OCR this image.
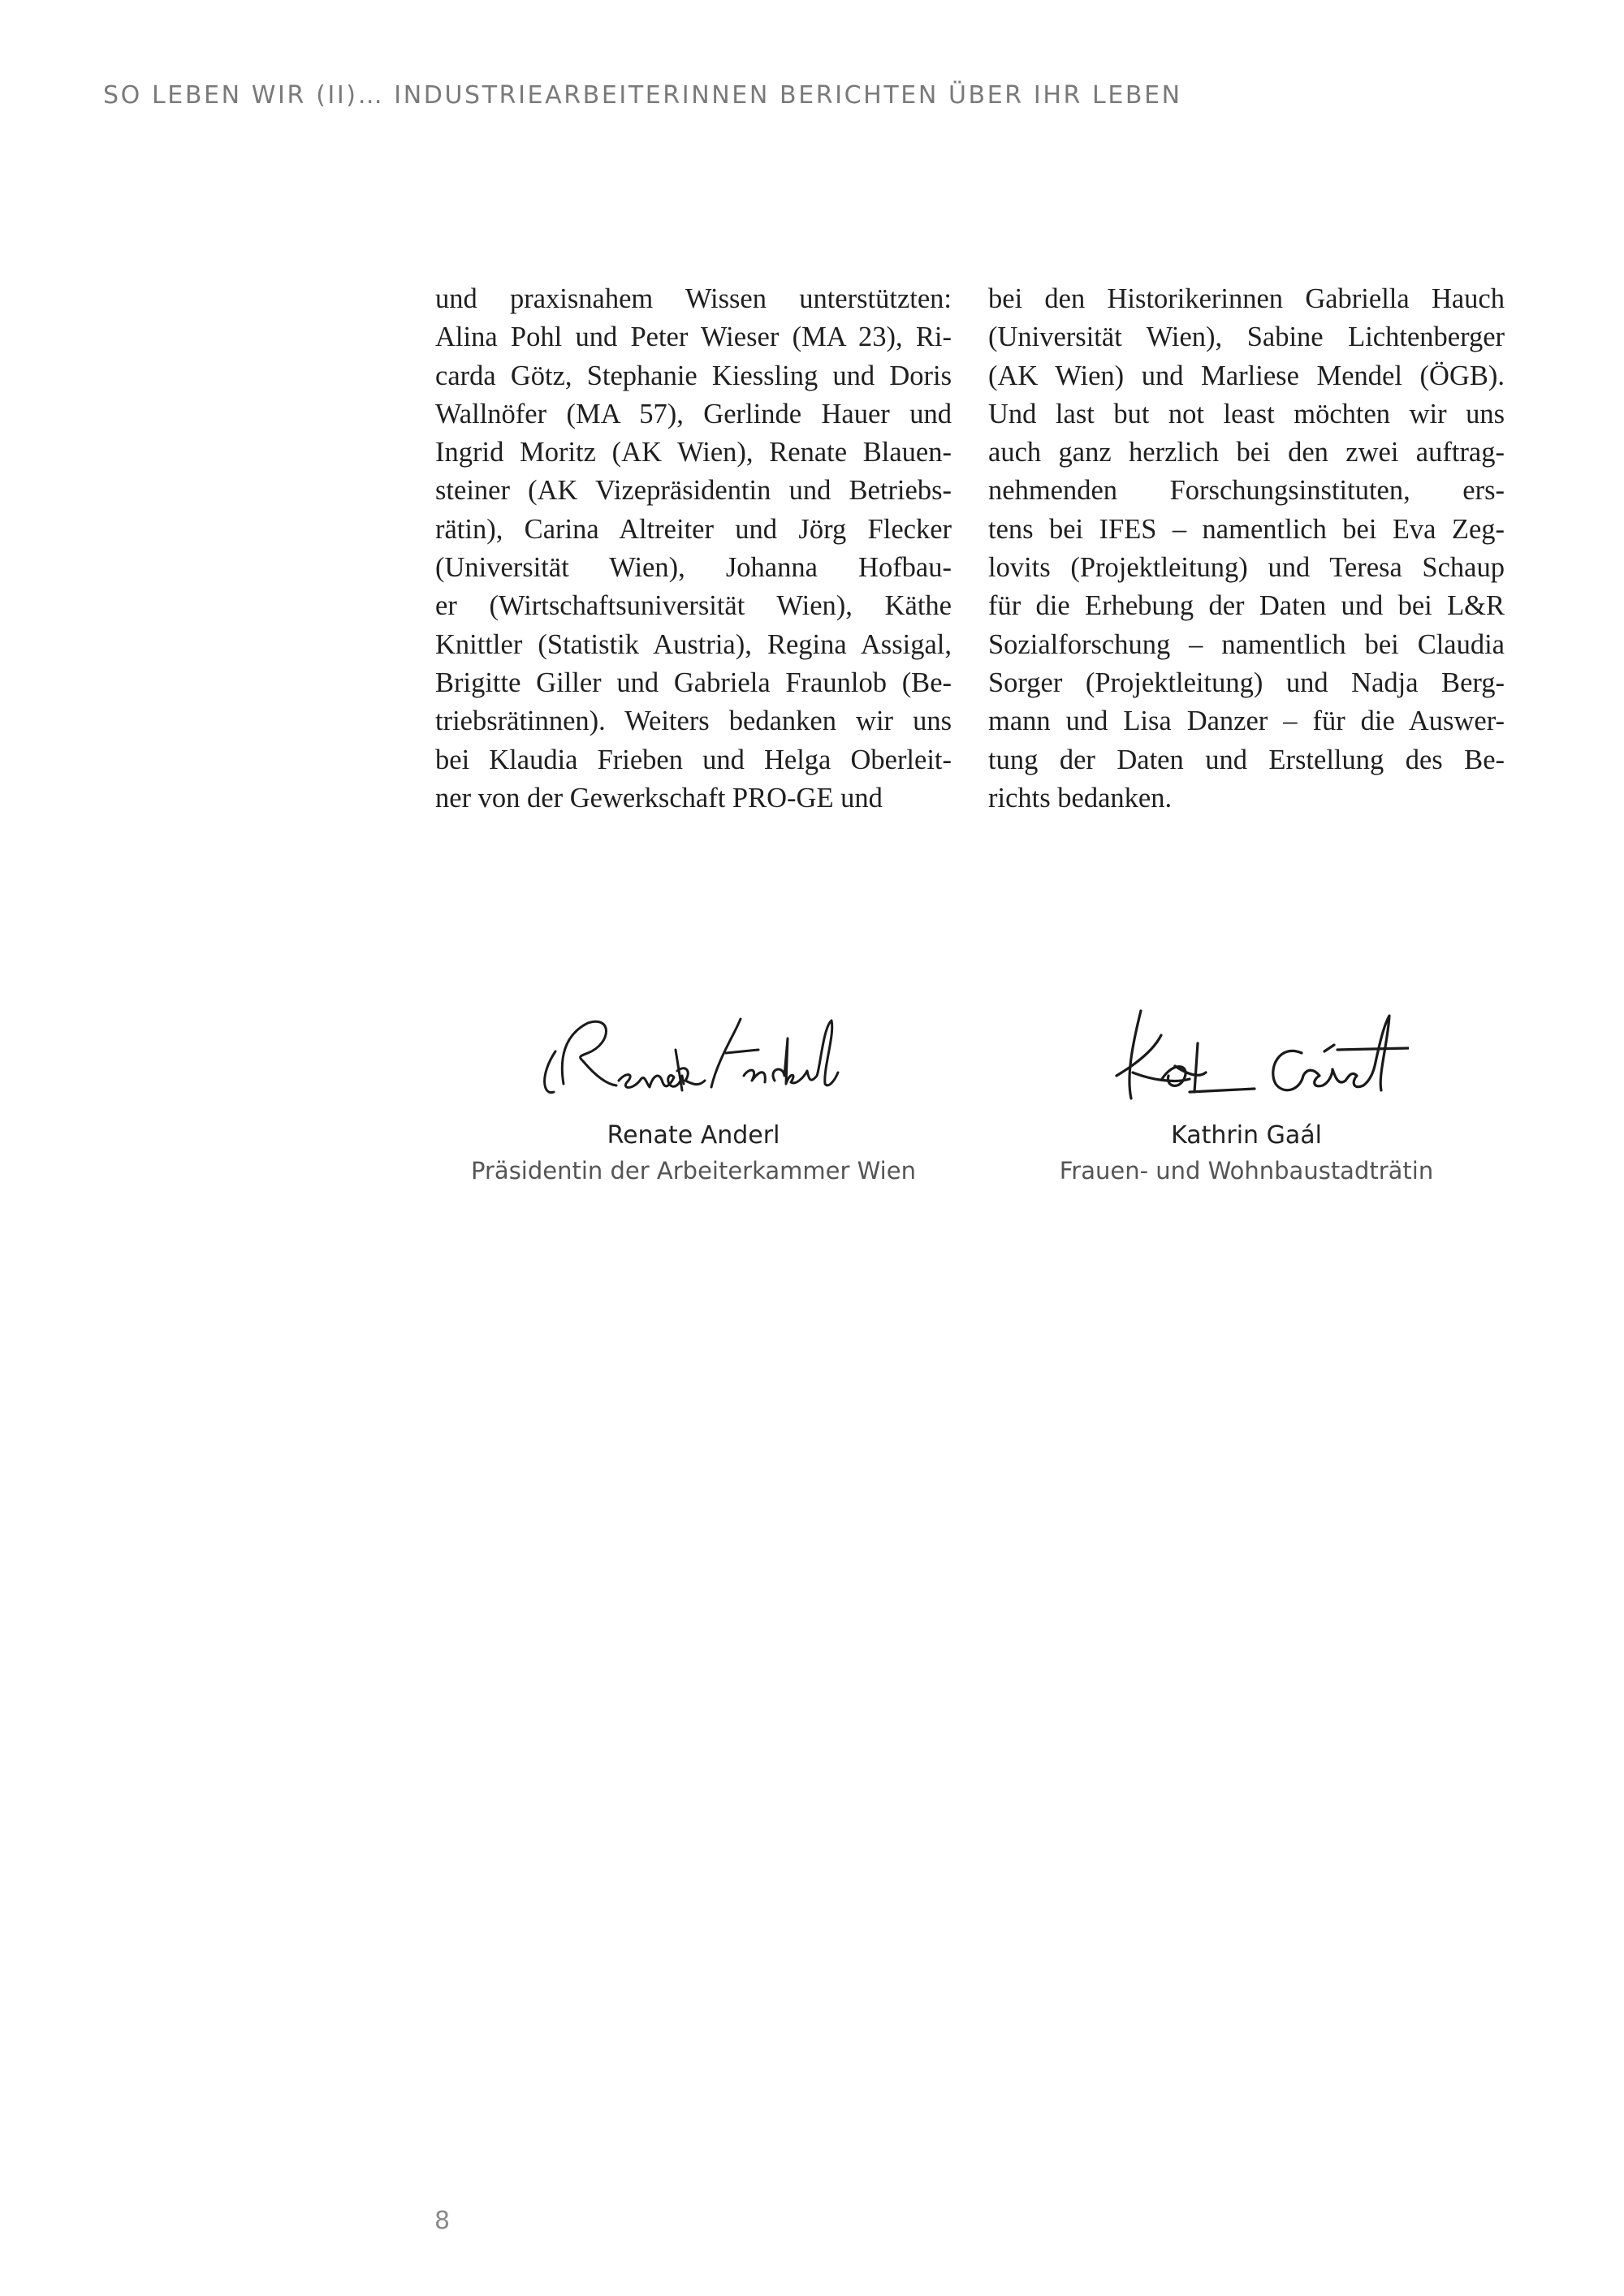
SO LEBEN WIR (II)… INDUSTRIEARBEITERINNEN BERICHTEN ÜBER IHR LEBEN
und praxisnahem Wissen unterstützten:
Alina Pohl und Peter Wieser (MA 23), Ri-
carda Götz, Stephanie Kiessling und Doris
Wallnöfer (MA 57), Gerlinde Hauer und
Ingrid Moritz (AK Wien), Renate Blauen-
steiner (AK Vizepräsidentin und Betriebs-
rätin), Carina Altreiter und Jörg Flecker
(Universität Wien), Johanna Hofbau-
er (Wirtschaftsuniversität Wien), Käthe
Knittler (Statistik Austria), Regina Assigal,
Brigitte Giller und Gabriela Fraunlob (Be-
triebsrätinnen). Weiters bedanken wir uns
bei Klaudia Frieben und Helga Oberleit-
ner von der Gewerkschaft PRO-GE und
bei den Historikerinnen Gabriella Hauch
(Universität Wien), Sabine Lichtenberger
(AK Wien) und Marliese Mendel (ÖGB).
Und last but not least möchten wir uns
auch ganz herzlich bei den zwei auftrag-
nehmenden Forschungsinstituten, ers-
tens bei IFES – namentlich bei Eva Zeg-
lovits (Projektleitung) und Teresa Schaup
für die Erhebung der Daten und bei L&R
Sozialforschung – namentlich bei Claudia
Sorger (Projektleitung) und Nadja Berg-
mann und Lisa Danzer – für die Auswer-
tung der Daten und Erstellung des Be-
richts bedanken.
Renate Anderl
Präsidentin der Arbeiterkammer Wien
Kathrin Gaál
Frauen- und Wohnbaustadträtin
8
